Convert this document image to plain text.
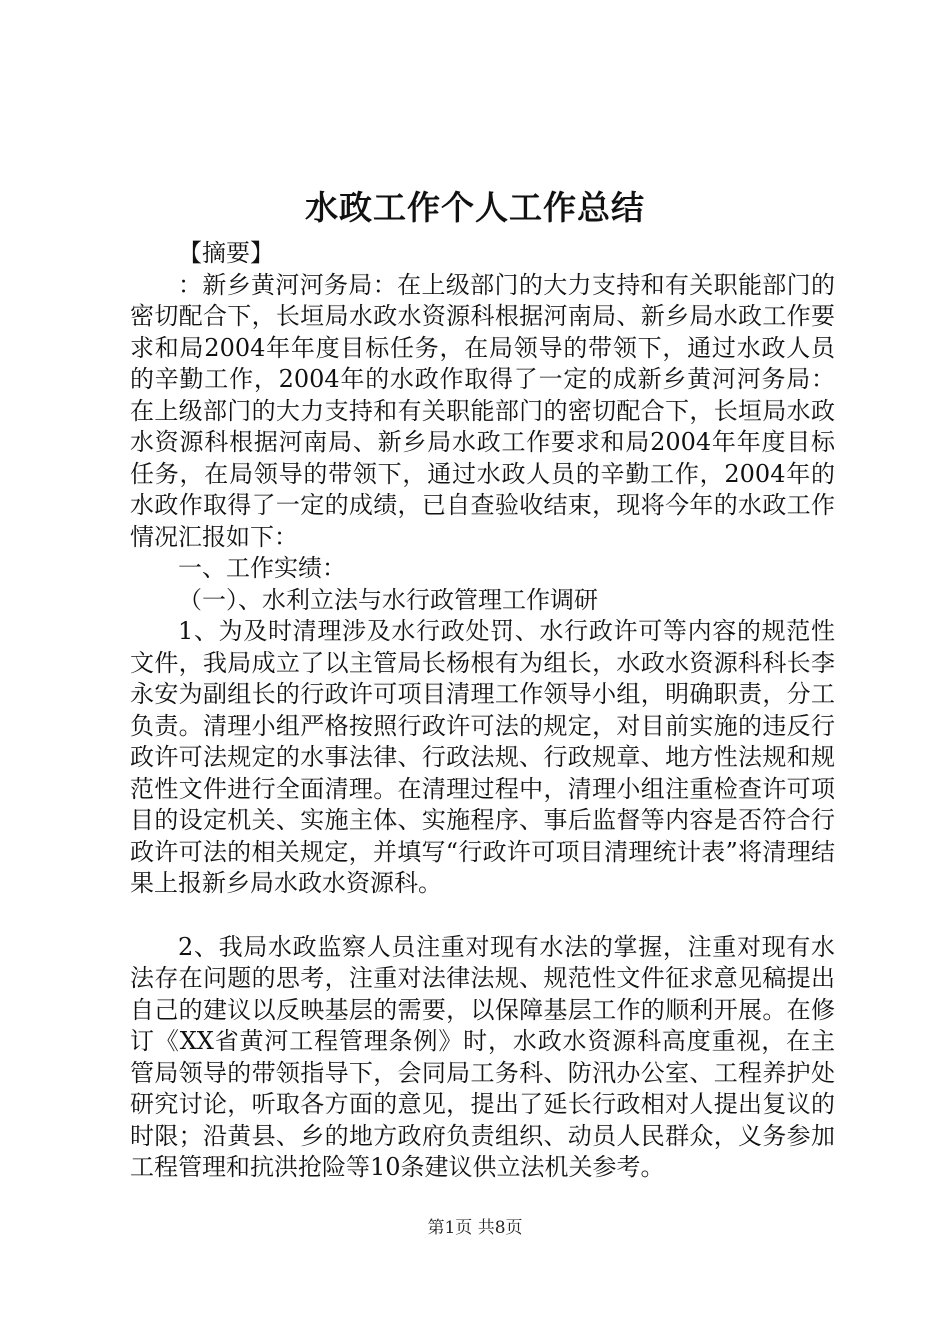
水政工作个人工作总结

【摘要】

：新乡黄河河务局：在上级部门的大力支持和有关职能部门的密切配合下，长垣局水政水资源科根据河南局、新乡局水政工作要求和局2004年年度目标任务，在局领导的带领下，通过水政人员的辛勤工作，2004年的水政作取得了一定的成新乡黄河河务局：在上级部门的大力支持和有关职能部门的密切配合下，长垣局水政水资源科根据河南局、新乡局水政工作要求和局2004年年度目标任务，在局领导的带领下，通过水政人员的辛勤工作，2004年的水政作取得了一定的成绩，已自查验收结束，现将今年的水政工作情况汇报如下：

一、工作实绩：

（一）、水利立法与水行政管理工作调研

1、为及时清理涉及水行政处罚、水行政许可等内容的规范性文件，我局成立了以主管局长杨根有为组长，水政水资源科科长李永安为副组长的行政许可项目清理工作领导小组，明确职责，分工负责。清理小组严格按照行政许可法的规定，对目前实施的违反行政许可法规定的水事法律、行政法规、行政规章、地方性法规和规范性文件进行全面清理。在清理过程中，清理小组注重检查许可项目的设定机关、实施主体、实施程序、事后监督等内容是否符合行政许可法的相关规定，并填写“行政许可项目清理统计表”将清理结果上报新乡局水政水资源科。

2、我局水政监察人员注重对现有水法的掌握，注重对现有水法存在问题的思考，注重对法律法规、规范性文件征求意见稿提出自己的建议以反映基层的需要，以保障基层工作的顺利开展。在修订《XX省黄河工程管理条例》时，水政水资源科高度重视，在主管局领导的带领指导下，会同局工务科、防汛办公室、工程养护处研究讨论，听取各方面的意见，提出了延长行政相对人提出复议的时限；沿黄县、乡的地方政府负责组织、动员人民群众，义务参加工程管理和抗洪抢险等10条建议供立法机关参考。

第1页 共8页
